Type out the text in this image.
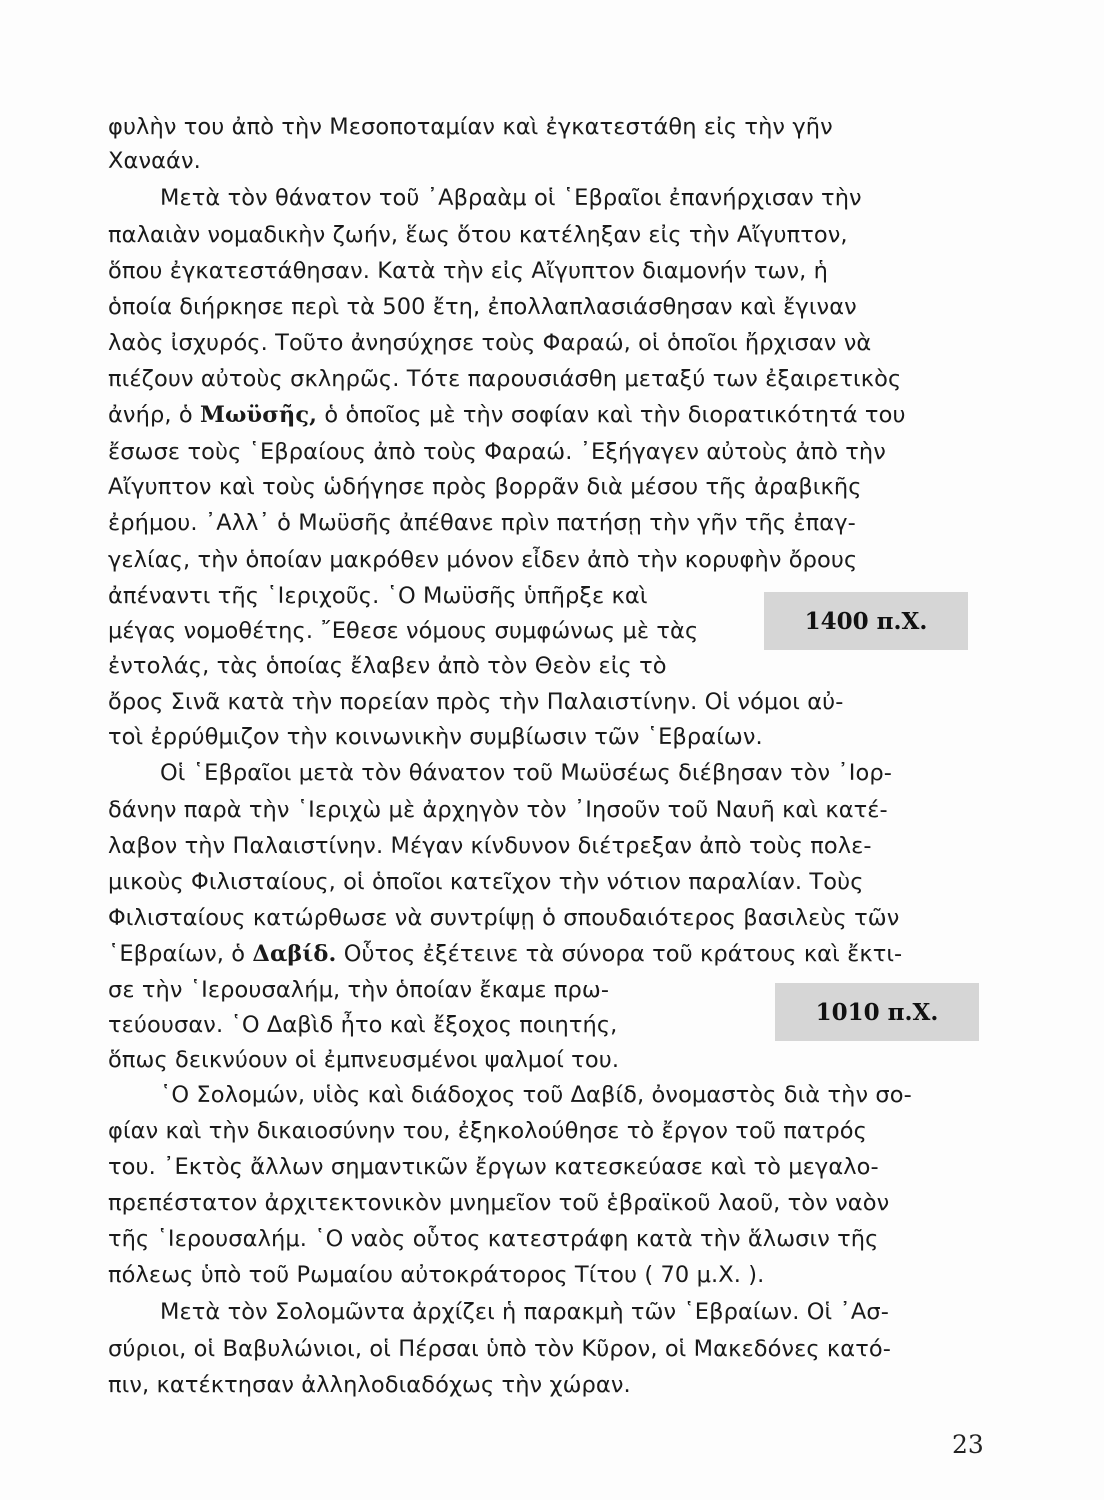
φυλὴν του ἀπὸ τὴν Μεσοποταμίαν καὶ ἐγκατεστάθη εἰς τὴν γῆν
Χαναάν.
Μετὰ τὸν θάνατον τοῦ ᾿Αβραὰμ οἱ ῾Εβραῖοι ἐπανήρχισαν τὴν
παλαιὰν νομαδικὴν ζωήν, ἕως ὅτου κατέληξαν εἰς τὴν Αἴγυπτον,
ὅπου ἐγκατεστάθησαν. Κατὰ τὴν εἰς Αἴγυπτον διαμονήν των, ἡ
ὁποία διήρκησε περὶ τὰ 500 ἔτη, ἐπολλαπλασιάσθησαν καὶ ἔγιναν
λαὸς ἰσχυρός. Τοῦτο ἀνησύχησε τοὺς Φαραώ, οἱ ὁποῖοι ἤρχισαν νὰ
πιέζουν αὐτοὺς σκληρῶς. Τότε παρουσιάσθη μεταξύ των ἐξαιρετικὸς
ἀνήρ, ὁ Μωϋσῆς, ὁ ὁποῖος μὲ τὴν σοφίαν καὶ τὴν διορατικότητά του
ἔσωσε τοὺς ῾Εβραίους ἀπὸ τοὺς Φαραώ. ᾿Εξήγαγεν αὐτοὺς ἀπὸ τὴν
Αἴγυπτον καὶ τοὺς ὡδήγησε πρὸς βορρᾶν διὰ μέσου τῆς ἀραβικῆς
ἐρήμου. ᾿Αλλ᾿ ὁ Μωϋσῆς ἀπέθανε πρὶν πατήσῃ τὴν γῆν τῆς ἐπαγ-
γελίας, τὴν ὁποίαν μακρόθεν μόνον εἶδεν ἀπὸ τὴν κορυφὴν ὄρους
ἀπέναντι τῆς ῾Ιεριχοῦς. ῾Ο Μωϋσῆς ὑπῆρξε καὶ
μέγας νομοθέτης. ῎Εθεσε νόμους συμφώνως μὲ τὰς
ἐντολάς, τὰς ὁποίας ἔλαβεν ἀπὸ τὸν Θεὸν εἰς τὸ
ὄρος Σινᾶ κατὰ τὴν πορείαν πρὸς τὴν Παλαιστίνην. Οἱ νόμοι αὐ-
τοὶ ἐρρύθμιζον τὴν κοινωνικὴν συμβίωσιν τῶν ῾Εβραίων.
Οἱ ῾Εβραῖοι μετὰ τὸν θάνατον τοῦ Μωϋσέως διέβησαν τὸν ᾿Ιορ-
δάνην παρὰ τὴν ῾Ιεριχὼ μὲ ἀρχηγὸν τὸν ᾿Ιησοῦν τοῦ Ναυῆ καὶ κατέ-
λαβον τὴν Παλαιστίνην. Μέγαν κίνδυνον διέτρεξαν ἀπὸ τοὺς πολε-
μικοὺς Φιλισταίους, οἱ ὁποῖοι κατεῖχον τὴν νότιον παραλίαν. Τοὺς
Φιλισταίους κατώρθωσε νὰ συντρίψῃ ὁ σπουδαιότερος βασιλεὺς τῶν
῾Εβραίων, ὁ Δαβίδ. Οὗτος ἐξέτεινε τὰ σύνορα τοῦ κράτους καὶ ἔκτι-
σε τὴν ῾Ιερουσαλήμ, τὴν ὁποίαν ἔκαμε πρω-
τεύουσαν. ῾Ο Δαβὶδ ἦτο καὶ ἔξοχος ποιητής,
ὅπως δεικνύουν οἱ ἐμπνευσμένοι ψαλμοί του.
῾Ο Σολομών, υἱὸς καὶ διάδοχος τοῦ Δαβίδ, ὀνομαστὸς διὰ τὴν σο-
φίαν καὶ τὴν δικαιοσύνην του, ἐξηκολούθησε τὸ ἔργον τοῦ πατρός
του. ᾿Εκτὸς ἄλλων σημαντικῶν ἔργων κατεσκεύασε καὶ τὸ μεγαλο-
πρεπέστατον ἀρχιτεκτονικὸν μνημεῖον τοῦ ἑβραϊκοῦ λαοῦ, τὸν ναὸν
τῆς ῾Ιερουσαλήμ. ῾Ο ναὸς οὗτος κατεστράφη κατὰ τὴν ἅλωσιν τῆς
πόλεως ὑπὸ τοῦ Ρωμαίου αὐτοκράτορος Τίτου ( 70 μ.Χ. ).
Μετὰ τὸν Σολομῶντα ἀρχίζει ἡ παρακμὴ τῶν ῾Εβραίων. Οἱ ᾿Ασ-
σύριοι, οἱ Βαβυλώνιοι, οἱ Πέρσαι ὑπὸ τὸν Κῦρον, οἱ Μακεδόνες κατό-
πιν, κατέκτησαν ἀλληλοδιαδόχως τὴν χώραν.
1400 π.Χ.
1010 π.Χ.
23
